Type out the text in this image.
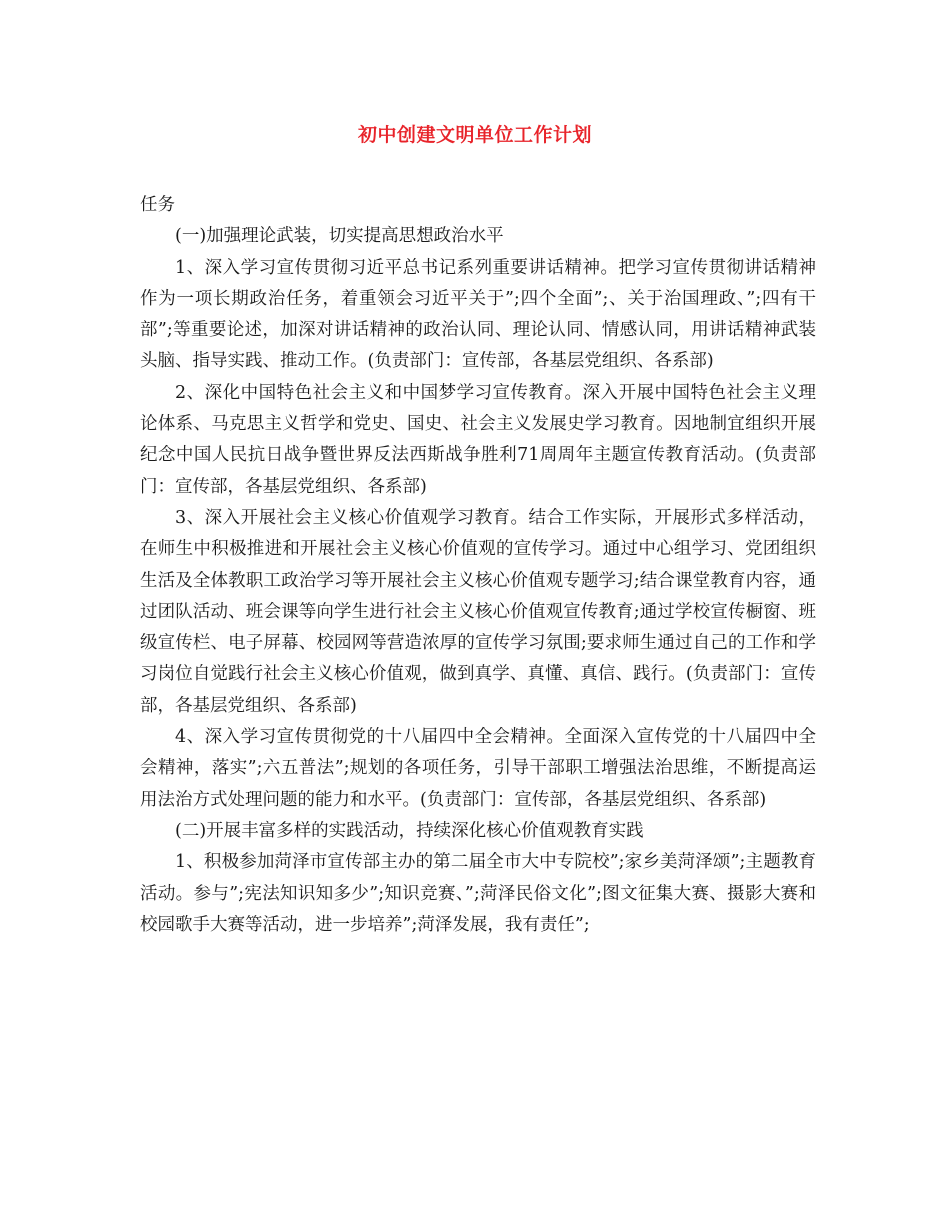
初中创建文明单位工作计划

任务

(一)加强理论武装，切实提高思想政治水平

1、深入学习宣传贯彻习近平总书记系列重要讲话精神。把学习宣传贯彻讲话精神作为一项长期政治任务，着重领会习近平关于”;四个全面”;、关于治国理政、”;四有干部”;等重要论述，加深对讲话精神的政治认同、理论认同、情感认同，用讲话精神武装头脑、指导实践、推动工作。(负责部门：宣传部，各基层党组织、各系部)

2、深化中国特色社会主义和中国梦学习宣传教育。深入开展中国特色社会主义理论体系、马克思主义哲学和党史、国史、社会主义发展史学习教育。因地制宜组织开展纪念中国人民抗日战争暨世界反法西斯战争胜利71周周年主题宣传教育活动。(负责部门：宣传部，各基层党组织、各系部)

3、深入开展社会主义核心价值观学习教育。结合工作实际，开展形式多样活动，在师生中积极推进和开展社会主义核心价值观的宣传学习。通过中心组学习、党团组织生活及全体教职工政治学习等开展社会主义核心价值观专题学习;结合课堂教育内容，通过团队活动、班会课等向学生进行社会主义核心价值观宣传教育;通过学校宣传橱窗、班级宣传栏、电子屏幕、校园网等营造浓厚的宣传学习氛围;要求师生通过自己的工作和学习岗位自觉践行社会主义核心价值观，做到真学、真懂、真信、践行。(负责部门：宣传部，各基层党组织、各系部)

4、深入学习宣传贯彻党的十八届四中全会精神。全面深入宣传党的十八届四中全会精神，落实”;六五普法”;规划的各项任务，引导干部职工增强法治思维，不断提高运用法治方式处理问题的能力和水平。(负责部门：宣传部，各基层党组织、各系部)

(二)开展丰富多样的实践活动，持续深化核心价值观教育实践

1、积极参加菏泽市宣传部主办的第二届全市大中专院校”;家乡美菏泽颂”;主题教育活动。参与”;宪法知识知多少”;知识竞赛、”;菏泽民俗文化”;图文征集大赛、摄影大赛和校园歌手大赛等活动，进一步培养”;菏泽发展，我有责任”;
